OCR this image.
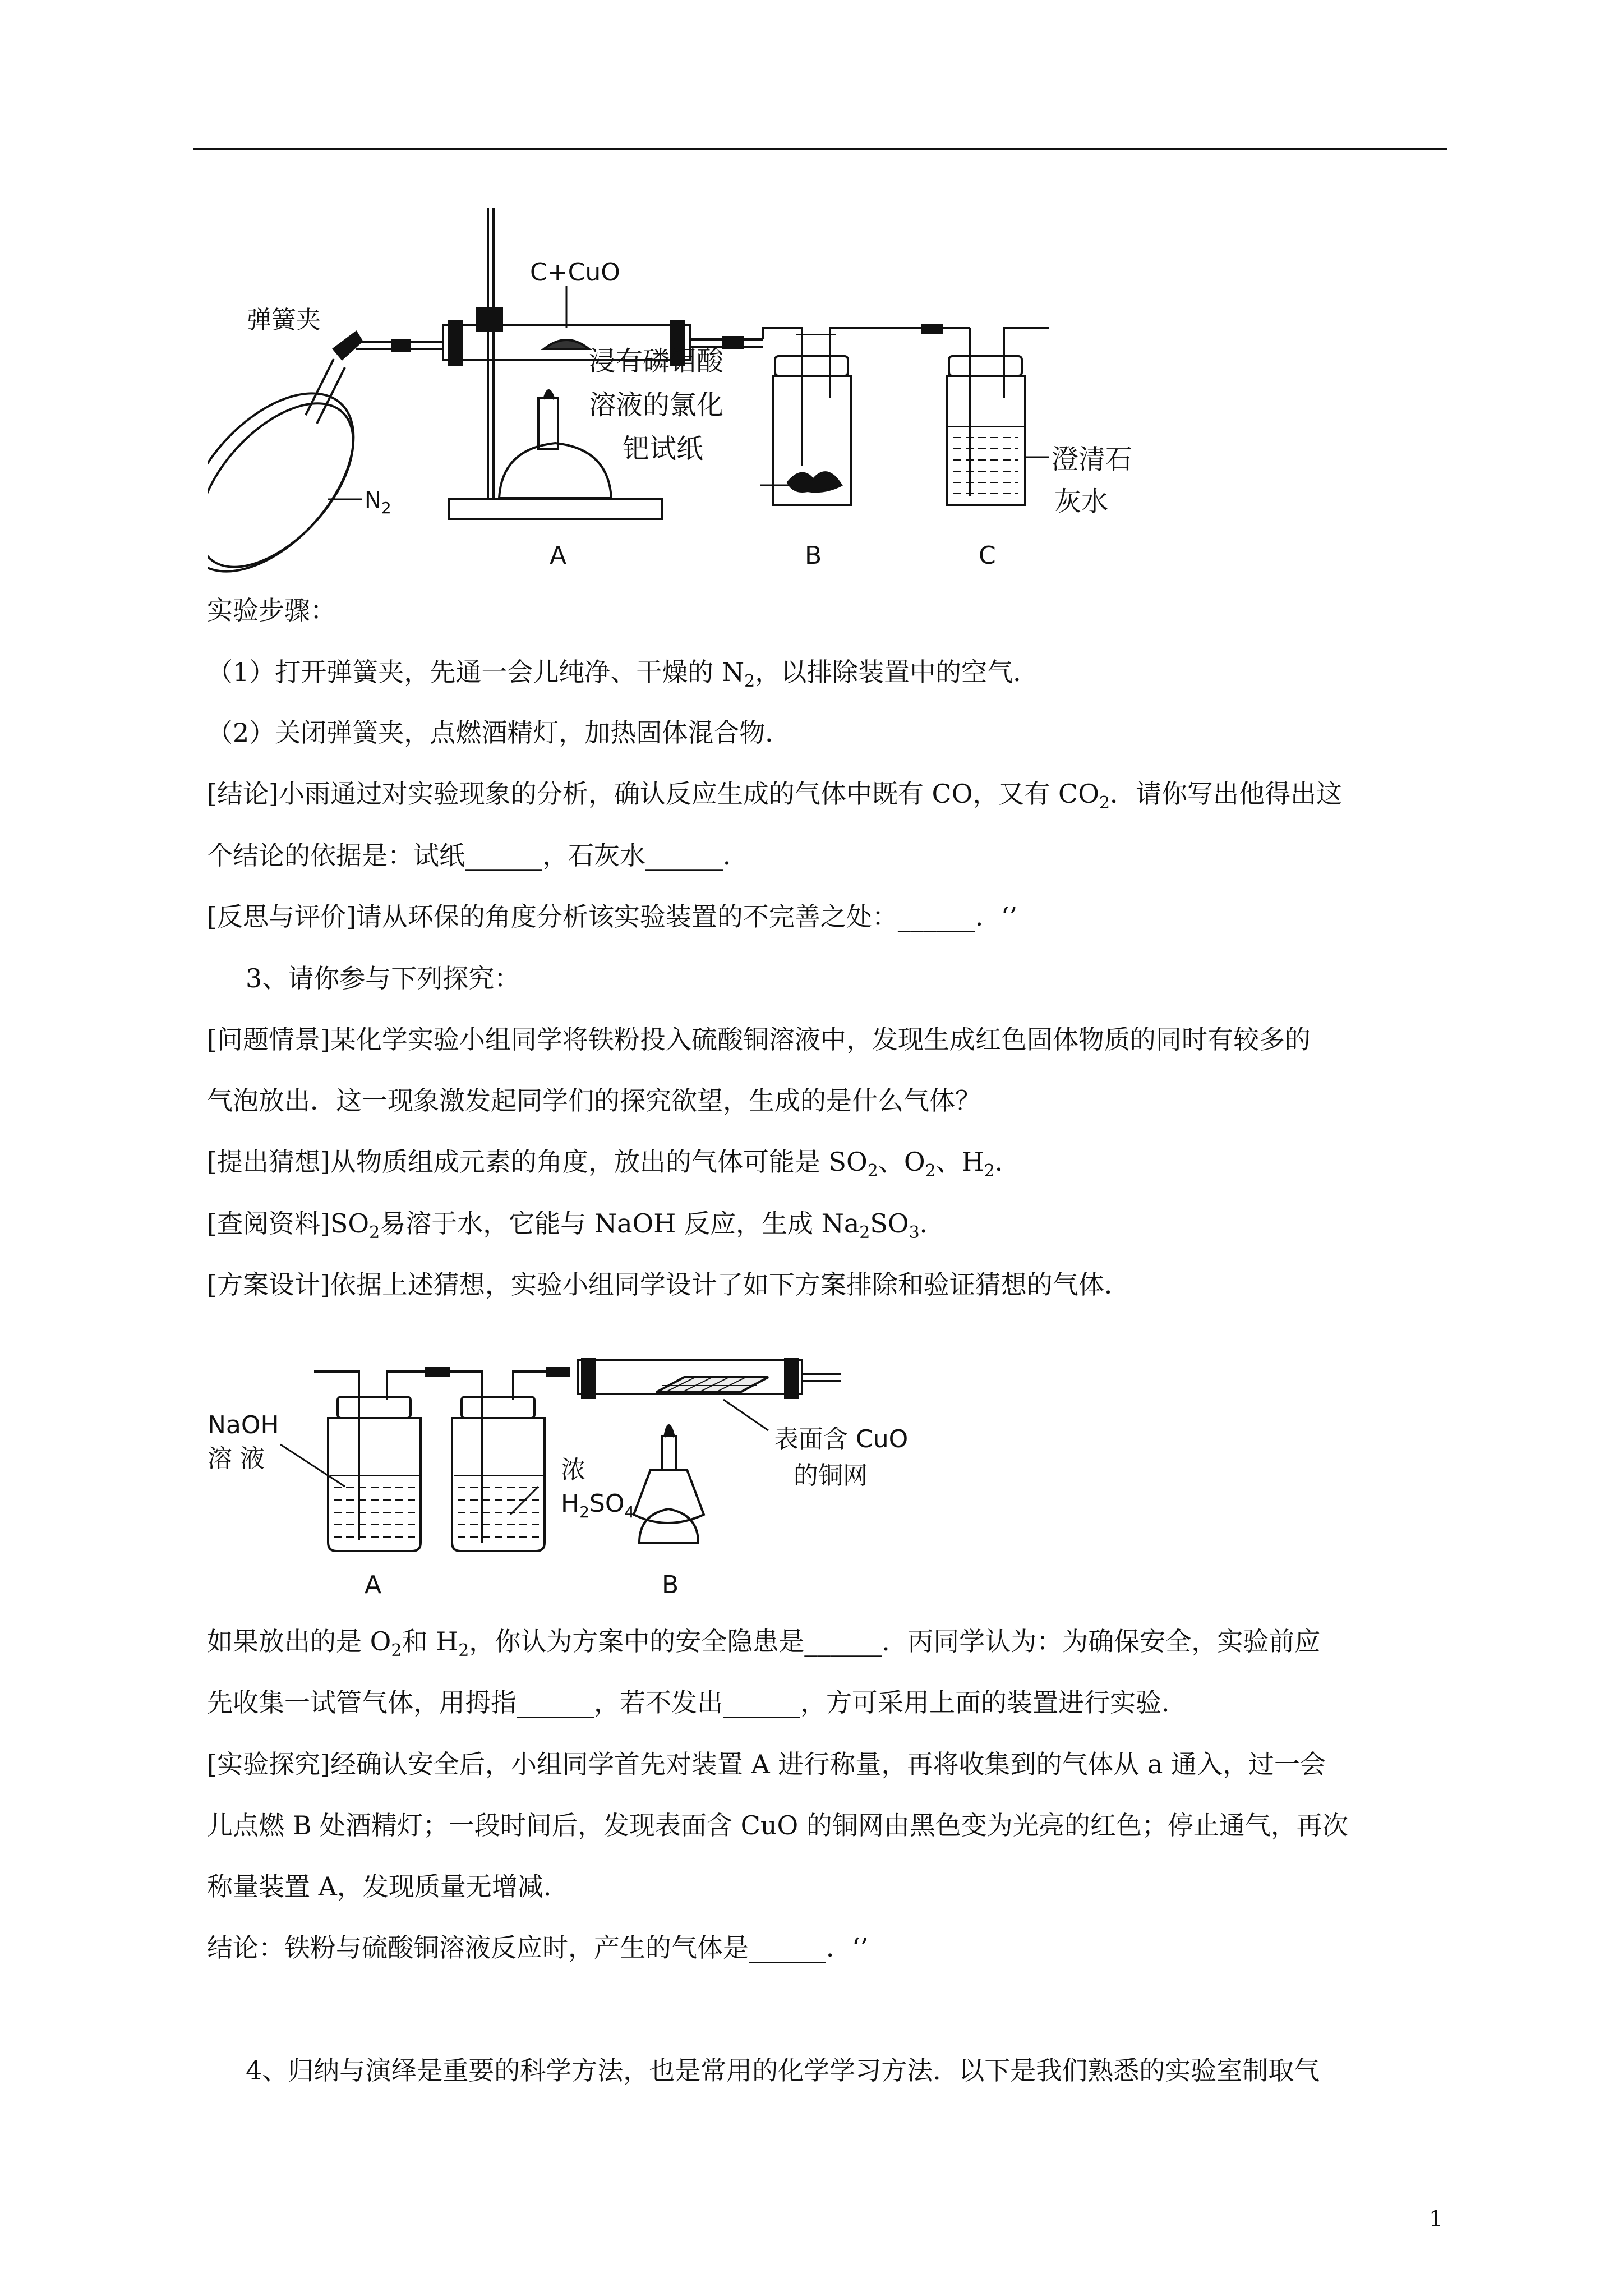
C+CuO
弹簧夹
$N_2$
浸有磷钼酸
溶液的氯化
钯试纸	澄清石
灰水
A	B	C
实验步骤：
（1）打开弹簧夹，先通一会儿纯净、干燥的 $N_2$，以排除装置中的空气．
（2）关闭弹簧夹，点燃酒精灯，加热固体混合物．
[结论]小雨通过对实验现象的分析，确认反应生成的气体中既有 CO，又有 $CO_2$．请你写出他得出这
个结论的依据是：试纸______，石灰水______．
[反思与评价]请从环保的角度分析该实验装置的不完善之处：______．‘’
3、请你参与下列探究：
[问题情景]某化学实验小组同学将铁粉投入硫酸铜溶液中，发现生成红色固体物质的同时有较多的
气泡放出．这一现象激发起同学们的探究欲望，生成的是什么气体？
[提出猜想]从物质组成元素的角度，放出的气体可能是 $SO_2$、$O_2$、$H_2$．
[查阅资料]$SO_2$易溶于水，它能与 NaOH 反应，生成 $Na_2SO_3$．
[方案设计]依据上述猜想，实验小组同学设计了如下方案排除和验证猜想的气体．
NaOH
溶 液	浓
$H_2SO_4$
表面含 CuO
的铜网
A	B
如果放出的是 $O_2$和 $H_2$，你认为方案中的安全隐患是______．丙同学认为：为确保安全，实验前应
先收集一试管气体，用拇指______，若不发出______，方可采用上面的装置进行实验．
[实验探究]经确认安全后，小组同学首先对装置 A 进行称量，再将收集到的气体从 a 通入，过一会
儿点燃 B 处酒精灯；一段时间后，发现表面含 CuO 的铜网由黑色变为光亮的红色；停止通气，再次
称量装置 A，发现质量无增减．
结论：铁粉与硫酸铜溶液反应时，产生的气体是______．‘’
4、归纳与演绎是重要的科学方法，也是常用的化学学习方法．以下是我们熟悉的实验室制取气
1
